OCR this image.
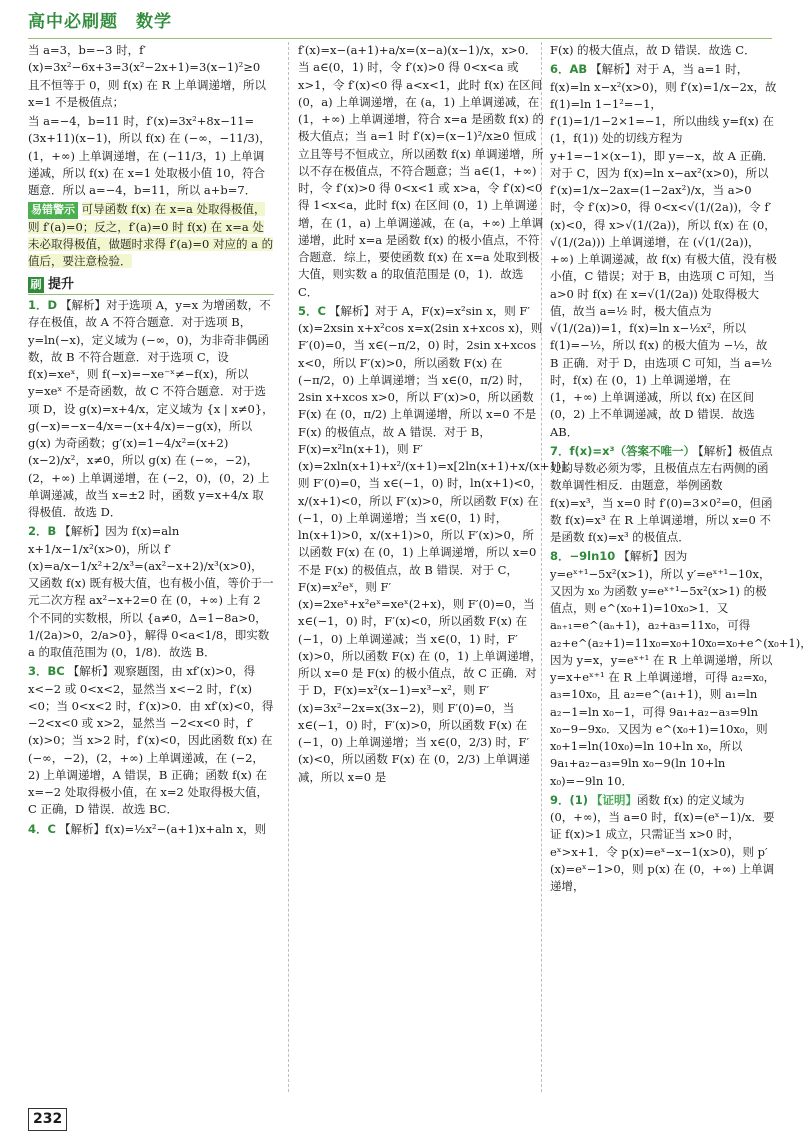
高中必刷题　数学

当 a=3，b=−3 时，f′(x)=3x²−6x+3=3(x²−2x+1)=3(x−1)²≥0 且不恒等于 0，则 f(x) 在 R 上单调递增，所以 x=1 不是极值点；

当 a=−4，b=11 时，f′(x)=3x²+8x−11=(3x+11)(x−1)，所以 f(x) 在 (−∞，−11/3)，(1，+∞) 上单调递增，在 (−11/3，1) 上单调递减，所以 f(x) 在 x=1 处取极小值 10，符合题意．所以 a=−4，b=11，所以 a+b=7．

易错警示 可导函数 f(x) 在 x=a 处取得极值，则 f′(a)=0；反之，f′(a)=0 时 f(x) 在 x=a 处未必取得极值，做题时求得 f′(a)=0 对应的 a 的值后，要注意检验．

刷 提升

1．D 【解析】对于选项 A，y=x 为增函数，不存在极值，故 A 不符合题意．对于选项 B，y=ln(−x)，定义域为 (−∞，0)，为非奇非偶函数，故 B 不符合题意．对于选项 C，设 f(x)=xeˣ，则 f(−x)=−xe⁻ˣ≠−f(x)，所以 y=xeˣ 不是奇函数，故 C 不符合题意．对于选项 D，设 g(x)=x+4/x，定义域为 {x | x≠0}，g(−x)=−x−4/x=−(x+4/x)=−g(x)，所以 g(x) 为奇函数；g′(x)=1−4/x²=(x+2)(x−2)/x²，x≠0，所以 g(x) 在 (−∞，−2)，(2，+∞) 上单调递增，在 (−2，0)，(0，2) 上单调递减，故当 x=±2 时，函数 y=x+4/x 取得极值．故选 D．

2．B 【解析】因为 f(x)=aln x+1/x−1/x²(x>0)，所以 f′(x)=a/x−1/x²+2/x³=(ax²−x+2)/x³(x>0)，又函数 f(x) 既有极大值，也有极小值，等价于一元二次方程 ax²−x+2=0 在 (0，+∞) 上有 2 个不同的实数根，所以 {a≠0，Δ=1−8a>0，1/(2a)>0，2/a>0}，解得 0<a<1/8，即实数 a 的取值范围为 (0，1/8)．故选 B．

3．BC 【解析】观察题图，由 xf′(x)>0，得 x<−2 或 0<x<2，显然当 x<−2 时，f′(x)<0；当 0<x<2 时，f′(x)>0．由 xf′(x)<0，得 −2<x<0 或 x>2，显然当 −2<x<0 时，f′(x)>0；当 x>2 时，f′(x)<0，因此函数 f(x) 在 (−∞，−2)，(2，+∞) 上单调递减，在 (−2，2) 上单调递增，A 错误，B 正确；函数 f(x) 在 x=−2 处取得极小值，在 x=2 处取得极大值，C 正确，D 错误．故选 BC．

4．C 【解析】f(x)=½x²−(a+1)x+aln x，则

f′(x)=x−(a+1)+a/x=(x−a)(x−1)/x，x>0．当 a∈(0，1) 时，令 f′(x)>0 得 0<x<a 或 x>1，令 f′(x)<0 得 a<x<1，此时 f(x) 在区间 (0，a) 上单调递增，在 (a，1) 上单调递减，在 (1，+∞) 上单调递增，符合 x=a 是函数 f(x) 的极大值点；当 a=1 时 f′(x)=(x−1)²/x≥0 恒成立且等号不恒成立，所以函数 f(x) 单调递增，所以不存在极值点，不符合题意；当 a∈(1，+∞) 时，令 f′(x)>0 得 0<x<1 或 x>a，令 f′(x)<0 得 1<x<a，此时 f(x) 在区间 (0，1) 上单调递增，在 (1，a) 上单调递减，在 (a，+∞) 上单调递增，此时 x=a 是函数 f(x) 的极小值点，不符合题意．综上，要使函数 f(x) 在 x=a 处取到极大值，则实数 a 的取值范围是 (0，1)．故选 C．

5．C 【解析】对于 A，F(x)=x²sin x，则 F′(x)=2xsin x+x²cos x=x(2sin x+xcos x)，则 F′(0)=0，当 x∈(−π/2，0) 时，2sin x+xcos x<0，所以 F′(x)>0，所以函数 F(x) 在 (−π/2，0) 上单调递增；当 x∈(0，π/2) 时，2sin x+xcos x>0，所以 F′(x)>0，所以函数 F(x) 在 (0，π/2) 上单调递增，所以 x=0 不是 F(x) 的极值点，故 A 错误．对于 B，F(x)=x²ln(x+1)，则 F′(x)=2xln(x+1)+x²/(x+1)=x[2ln(x+1)+x/(x+1)]，则 F′(0)=0，当 x∈(−1，0) 时，ln(x+1)<0，x/(x+1)<0，所以 F′(x)>0，所以函数 F(x) 在 (−1，0) 上单调递增；当 x∈(0，1) 时，ln(x+1)>0，x/(x+1)>0，所以 F′(x)>0，所以函数 F(x) 在 (0，1) 上单调递增，所以 x=0 不是 F(x) 的极值点，故 B 错误．对于 C，F(x)=x²eˣ，则 F′(x)=2xeˣ+x²eˣ=xeˣ(2+x)，则 F′(0)=0，当 x∈(−1，0) 时，F′(x)<0，所以函数 F(x) 在 (−1，0) 上单调递减；当 x∈(0，1) 时，F′(x)>0，所以函数 F(x) 在 (0，1) 上单调递增，所以 x=0 是 F(x) 的极小值点，故 C 正确．对于 D，F(x)=x²(x−1)=x³−x²，则 F′(x)=3x²−2x=x(3x−2)，则 F′(0)=0，当 x∈(−1，0) 时，F′(x)>0，所以函数 F(x) 在 (−1，0) 上单调递增；当 x∈(0，2/3) 时，F′(x)<0，所以函数 F(x) 在 (0，2/3) 上单调递减，所以 x=0 是

F(x) 的极大值点，故 D 错误．故选 C．

6．AB 【解析】对于 A，当 a=1 时，f(x)=ln x−x²(x>0)，则 f′(x)=1/x−2x，故 f(1)=ln 1−1²=−1，f′(1)=1/1−2×1=−1，所以曲线 y=f(x) 在 (1，f(1)) 处的切线方程为 y+1=−1×(x−1)，即 y=−x，故 A 正确．对于 C，因为 f(x)=ln x−ax²(x>0)，所以 f′(x)=1/x−2ax=(1−2ax²)/x，当 a>0 时，令 f′(x)>0，得 0<x<√(1/(2a))，令 f′(x)<0，得 x>√(1/(2a))，所以 f(x) 在 (0，√(1/(2a))) 上单调递增，在 (√(1/(2a))，+∞) 上单调递减，故 f(x) 有极大值，没有极小值，C 错误；对于 B，由选项 C 可知，当 a>0 时 f(x) 在 x=√(1/(2a)) 处取得极大值，故当 a=½ 时，极大值点为 √(1/(2a))=1，f(x)=ln x−½x²，所以 f(1)=−½，所以 f(x) 的极大值为 −½，故 B 正确．对于 D，由选项 C 可知，当 a=½ 时，f(x) 在 (0，1) 上单调递增，在 (1，+∞) 上单调递减，所以 f(x) 在区间 (0，2) 上不单调递减，故 D 错误．故选 AB．

7．f(x)=x³（答案不唯一） 【解析】极值点处的导数必须为零，且极值点左右两侧的函数单调性相反．由题意，举例函数 f(x)=x³，当 x=0 时 f′(0)=3×0²=0，但函数 f(x)=x³ 在 R 上单调递增，所以 x=0 不是函数 f(x)=x³ 的极值点．

8．−9ln10 【解析】因为 y=eˣ⁺¹−5x²(x>1)，所以 y′=eˣ⁺¹−10x，又因为 x₀ 为函数 y=eˣ⁺¹−5x²(x>1) 的极值点，则 e^(x₀+1)=10x₀>1．又 aₙ₊₁=e^(aₙ+1)，a₂+a₃=11x₀，可得 a₂+e^(a₂+1)=11x₀=x₀+10x₀=x₀+e^(x₀+1)，因为 y=x，y=eˣ⁺¹ 在 R 上单调递增，所以 y=x+eˣ⁺¹ 在 R 上单调递增，可得 a₂=x₀，a₃=10x₀，且 a₂=e^(a₁+1)，则 a₁=ln a₂−1=ln x₀−1，可得 9a₁+a₂−a₃=9ln x₀−9−9x₀．又因为 e^(x₀+1)=10x₀，则 x₀+1=ln(10x₀)=ln 10+ln x₀，所以 9a₁+a₂−a₃=9ln x₀−9(ln 10+ln x₀)=−9ln 10．

9．(1) 【证明】函数 f(x) 的定义域为 (0，+∞)，当 a=0 时，f(x)=(eˣ−1)/x．要证 f(x)>1 成立，只需证当 x>0 时，eˣ>x+1．令 p(x)=eˣ−x−1(x>0)，则 p′(x)=eˣ−1>0，则 p(x) 在 (0，+∞) 上单调递增，

232
